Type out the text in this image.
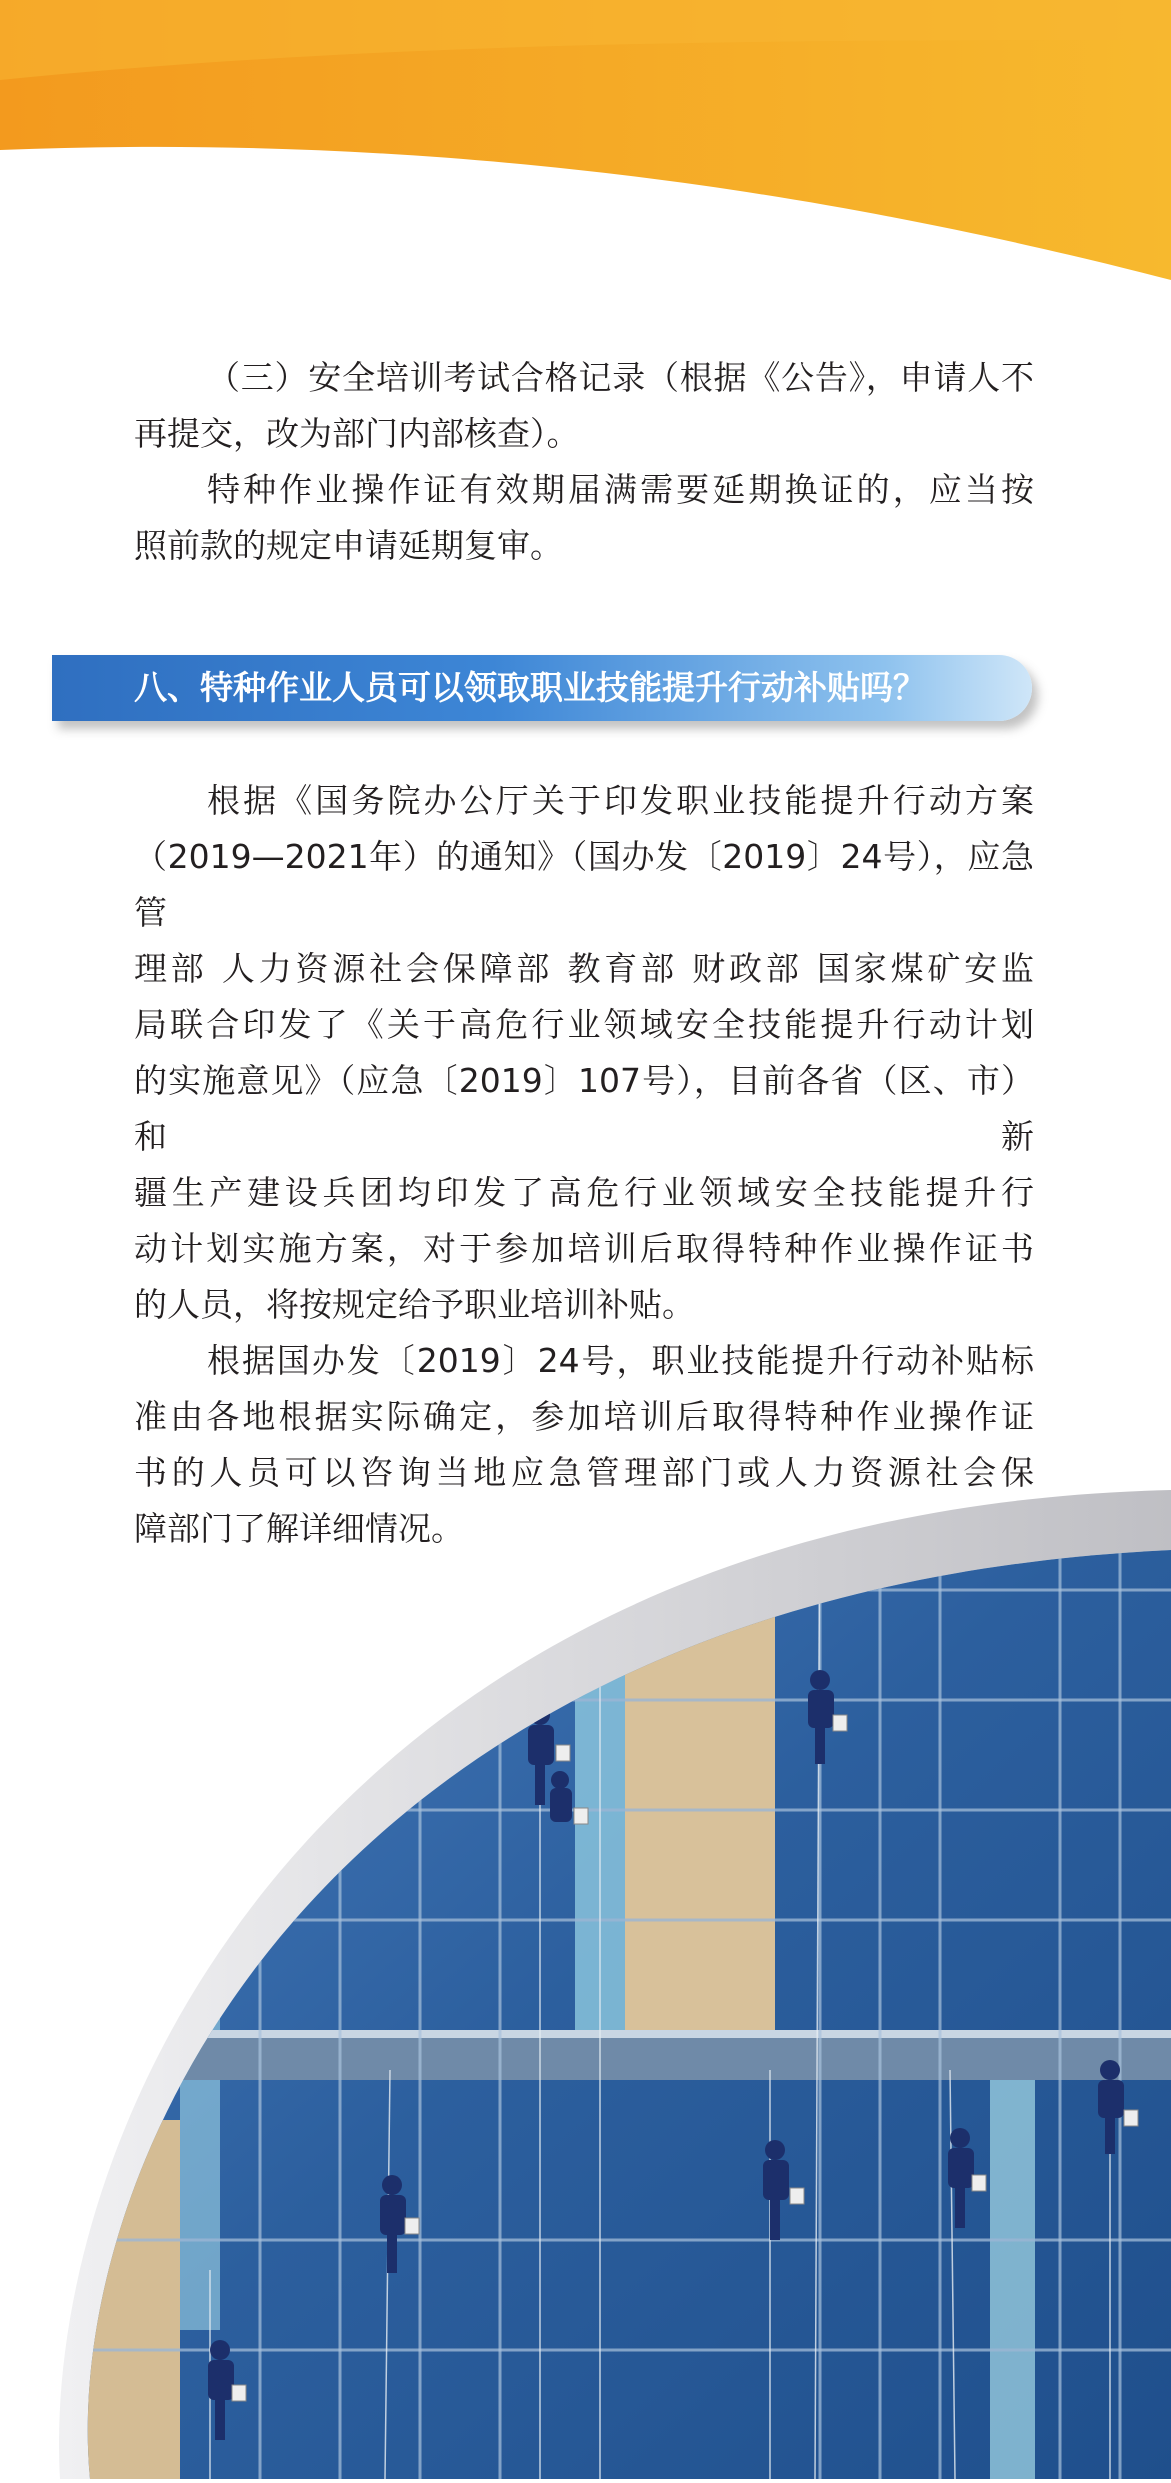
（三）安全培训考试合格记录（根据《公告》，申请人不

再提交，改为部门内部核查）。

特种作业操作证有效期届满需要延期换证的，应当按

照前款的规定申请延期复审。

八、特种作业人员可以领取职业技能提升行动补贴吗？

根据《国务院办公厅关于印发职业技能提升行动方案

（2019—2021年）的通知》（国办发〔2019〕24号），应急管

理部 人力资源社会保障部 教育部 财政部 国家煤矿安监

局联合印发了《关于高危行业领域安全技能提升行动计划

的实施意见》（应急〔2019〕107号），目前各省（区、市）和新

疆生产建设兵团均印发了高危行业领域安全技能提升行

动计划实施方案，对于参加培训后取得特种作业操作证书

的人员，将按规定给予职业培训补贴。

根据国办发〔2019〕24号，职业技能提升行动补贴标

准由各地根据实际确定，参加培训后取得特种作业操作证

书的人员可以咨询当地应急管理部门或人力资源社会保

障部门了解详细情况。
